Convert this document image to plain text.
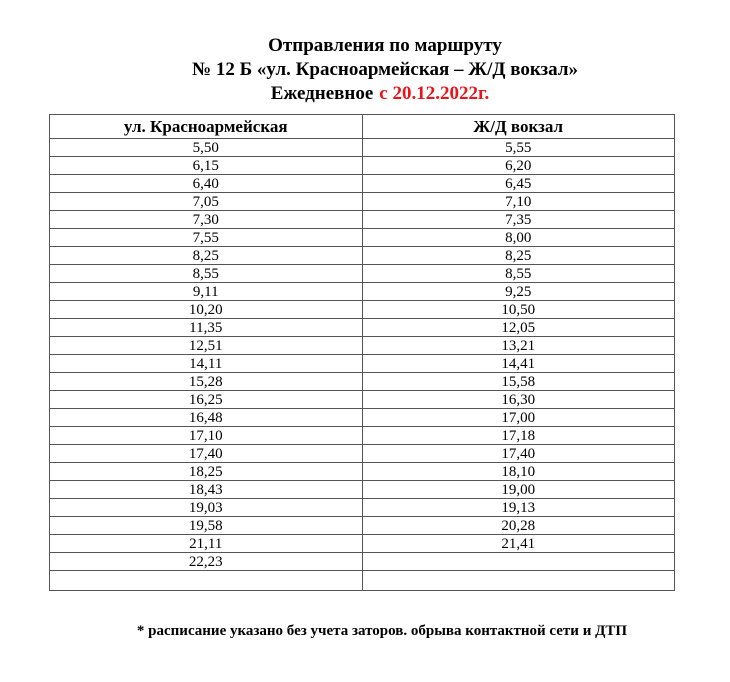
Отправления по маршруту
№ 12 Б «ул. Красноармейская – Ж/Д вокзал»
Ежедневное с 20.12.2022г.
ул. Красноармейская	Ж/Д вокзал
5,50	5,55
6,15	6,20
6,40	6,45
7,05	7,10
7,30	7,35
7,55	8,00
8,25	8,25
8,55	8,55
9,11	9,25
10,20	10,50
11,35	12,05
12,51	13,21
14,11	14,41
15,28	15,58
16,25	16,30
16,48	17,00
17,10	17,18
17,40	17,40
18,25	18,10
18,43	19,00
19,03	19,13
19,58	20,28
21,11	21,41
22,23	

* расписание указано без учета заторов. обрыва контактной сети и ДТП
